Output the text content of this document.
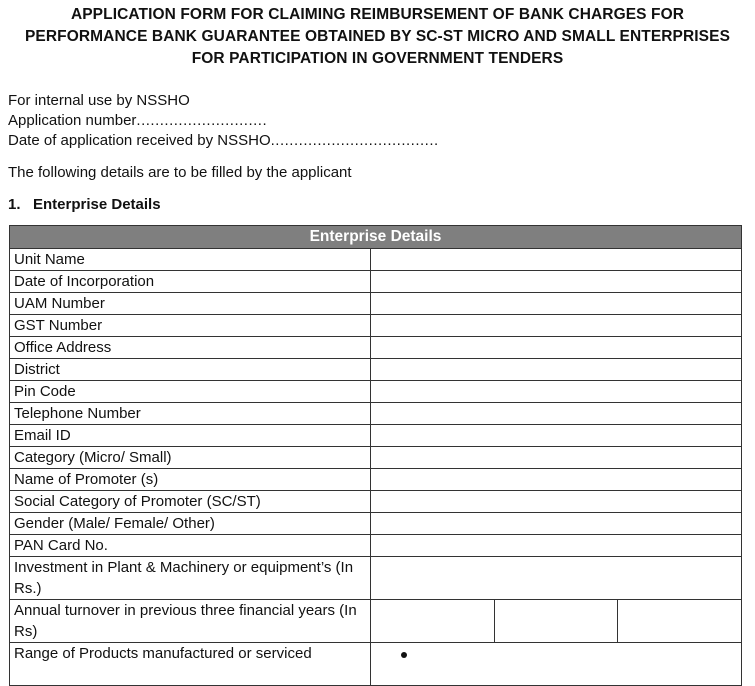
APPLICATION FORM FOR CLAIMING REIMBURSEMENT OF BANK CHARGES FOR
PERFORMANCE BANK GUARANTEE OBTAINED BY SC-ST MICRO AND SMALL ENTERPRISES
FOR PARTICIPATION IN GOVERNMENT TENDERS
For internal use by NSSHO
Application number............................
Date of application received by NSSHO....................................
The following details are to be filled by the applicant
1. Enterprise Details
Enterprise Details	
Unit Name	
Date of Incorporation	
UAM Number	
GST Number	
Office Address	
District	
Pin Code	
Telephone Number	
Email ID	
Category (Micro/ Small)	
Name of Promoter (s)	
Social Category of Promoter (SC/ST)	
Gender (Male/ Female/ Other)	
PAN Card No.	
Investment in Plant & Machinery or equipment’s (In Rs.)	
Annual turnover in previous three financial years (In Rs)	

Range of Products manufactured or serviced	
